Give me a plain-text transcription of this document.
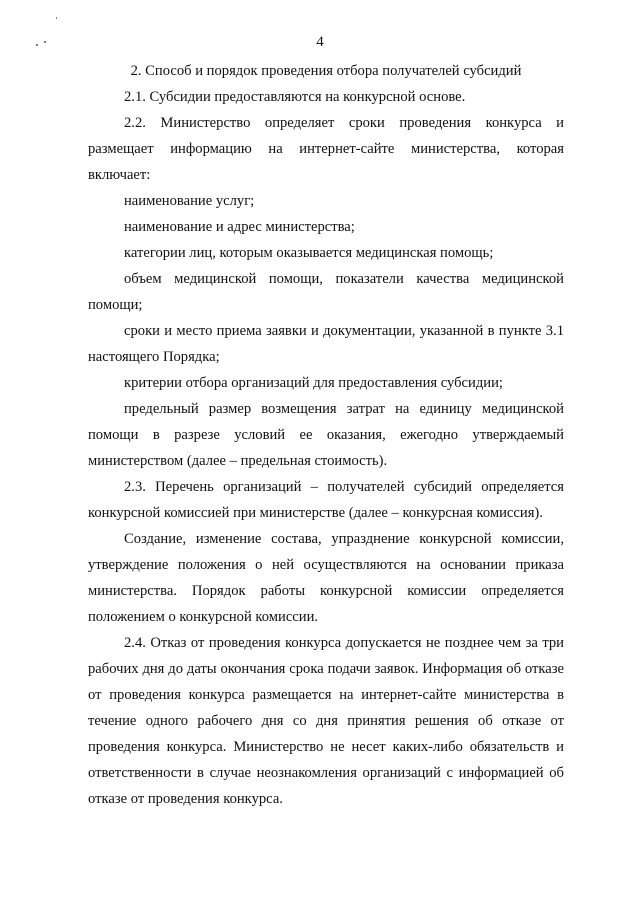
4

2. Способ и порядок проведения отбора получателей субсидий

2.1. Субсидии предоставляются на конкурсной основе.

2.2. Министерство определяет сроки проведения конкурса и размещает информацию на интернет-сайте министерства, которая включает:

наименование услуг;

наименование и адрес министерства;

категории лиц, которым оказывается медицинская помощь;

объем медицинской помощи, показатели качества медицинской помощи;

сроки и место приема заявки и документации, указанной в пункте 3.1 настоящего Порядка;

критерии отбора организаций для предоставления субсидии;

предельный размер возмещения затрат на единицу медицинской помощи в разрезе условий ее оказания, ежегодно утверждаемый министерством (далее – предельная стоимость).

2.3. Перечень организаций – получателей субсидий определяется конкурсной комиссией при министерстве (далее – конкурсная комиссия).

Создание, изменение состава, упразднение конкурсной комиссии, утверждение положения о ней осуществляются на основании приказа министерства. Порядок работы конкурсной комиссии определяется положением о конкурсной комиссии.

2.4. Отказ от проведения конкурса допускается не позднее чем за три рабочих дня до даты окончания срока подачи заявок. Информация об отказе от проведения конкурса размещается на интернет-сайте министерства в течение одного рабочего дня со дня принятия решения об отказе от проведения конкурса. Министерство не несет каких-либо обязательств и ответственности в случае неознакомления организаций с информацией об отказе от проведения конкурса.
